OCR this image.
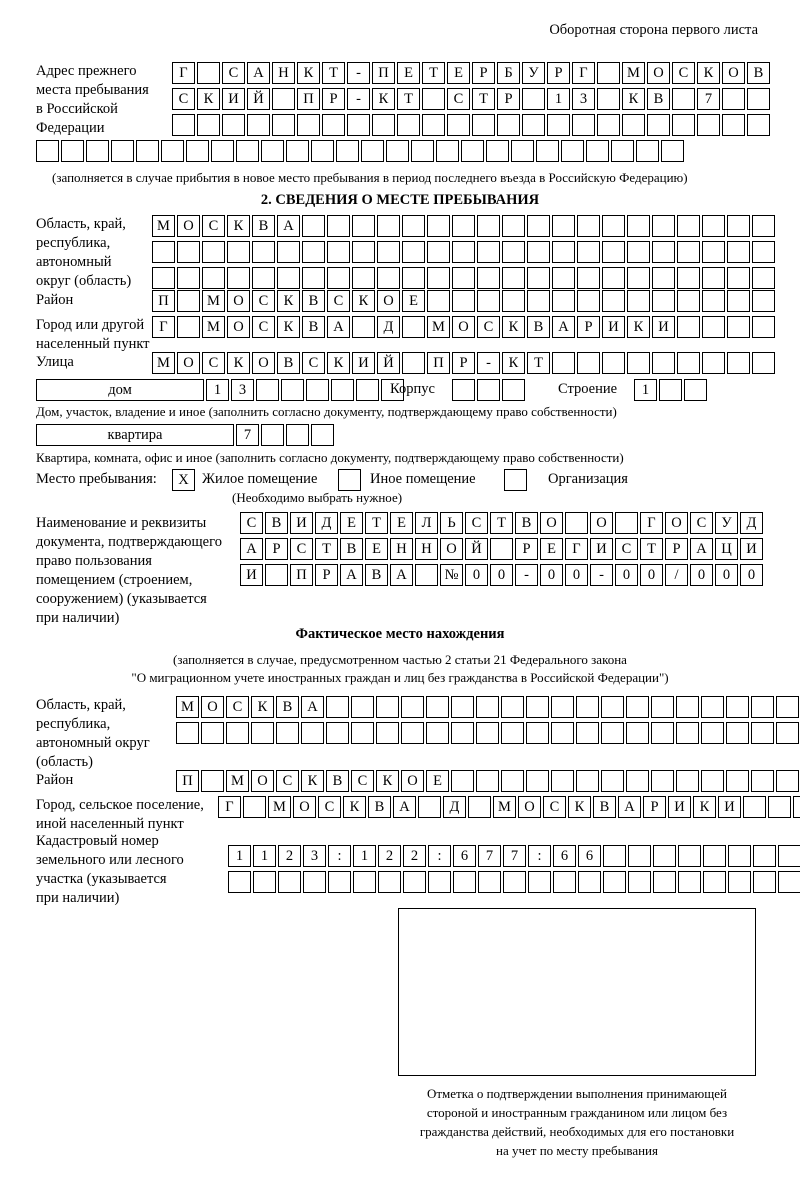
Оборотная сторона первого листа
Адрес прежнего
места пребывания
в Российской
Федерации
Г	С	А	Н	К	Т	-	П	Е	Т	Е	Р	Б	У	Р	Г	М О	С	К	О	В
С	К	И	Й	П	Р	-	К	Т	С	Т	Р	1	3	К	В	7
(заполняется в случае прибытия в новое место пребывания в период последнего въезда в Российскую Федерацию)
2. СВЕДЕНИЯ О МЕСТЕ ПРЕБЫВАНИЯ
Область, край,
республика,
автономный
округ (область)
М О	С	К	В	А
Район	П	М О	С	К	В	С	К	О	Е
Город или другой
населенный пункт
Г	М О	С	К	В	А	Д	М О	С	К	В	А	Р	И	К	И
Улица	М О	С	К	О	В	С	К	И	Й	П	Р	-	К	Т
дом	1	3	Корпус	Строение	1
Дом, участок, владение и иное (заполнить согласно документу, подтверждающему право собственности)
квартира	7
Квартира, комната, офис и иное (заполнить согласно документу, подтверждающему право собственности)
Место пребывания:	X Жилое помещение	Иное помещение	Организация
(Необходимо выбрать нужное)
Наименование и реквизиты
документа, подтверждающего
право пользования
помещением (строением,
сооружением) (указывается
при наличии)
С	В	И	Д	Е	Т	Е	Л	Ь	С	Т	В	О	О	Г	О	С	У	Д
А	Р	С	Т	В	Е	Н	Н	О	Й	Р	Е	Г	И	С	Т	Р	А	Ц	И
И	П	Р	А	В	А	№ 0	0	-	0	0	-	0	0	/	0	0	0
Фактическое место нахождения
(заполняется в случае, предусмотренном частью 2 статьи 21 Федерального закона
"О миграционном учете иностранных граждан и лиц без гражданства в Российской Федерации")
Область, край,
республика,
автономный округ
(область)
М О	С	К	В	А
Район	П	М О	С	К	В	С	К	О	Е
Город, сельское поселение,
иной населенный пункт
Г	М О	С	К	В	А	Д	М О	С	К	В	А	Р	И	К	И
Кадастровый номер
земельного или лесного
участка (указывается
при наличии)
1	1	2	3	:	1	2	2	:	6	7	7	:	6	6
Отметка о подтверждении выполнения принимающей
стороной и иностранным гражданином или лицом без
гражданства действий, необходимых для его постановки
на учет по месту пребывания
